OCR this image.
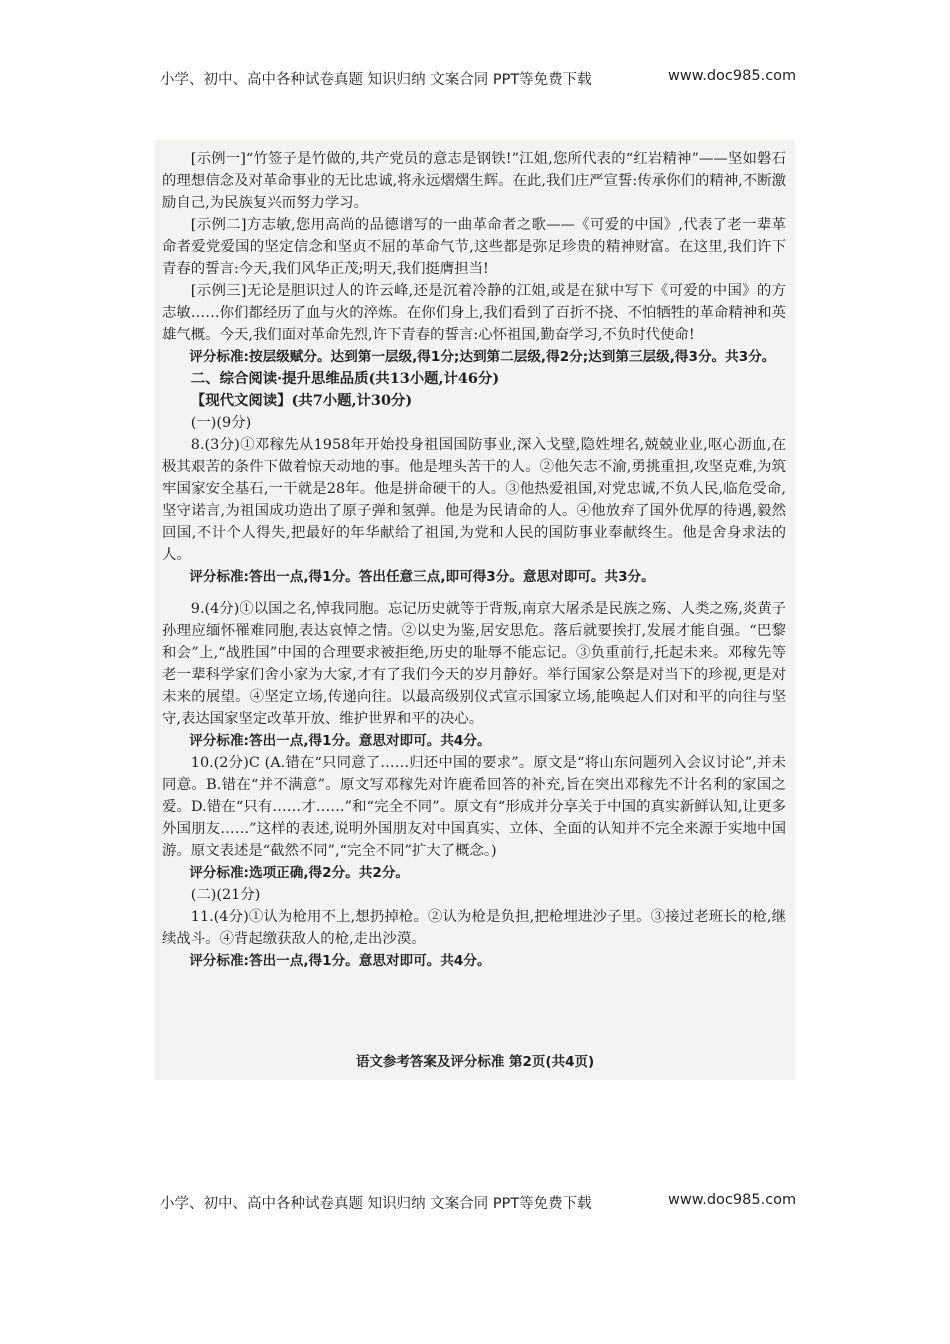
小学、初中、高中各种试卷真题 知识归纳 文案合同 PPT等免费下载	www.doc985.com

[示例一]“竹签子是竹做的,共产党员的意志是钢铁!”江姐,您所代表的“红岩精神”——坚如磐石的理想信念及对革命事业的无比忠诚,将永远熠熠生辉。在此,我们庄严宣誓:传承你们的精神,不断激励自己,为民族复兴而努力学习。

[示例二]方志敏,您用高尚的品德谱写的一曲革命者之歌——《可爱的中国》,代表了老一辈革命者爱党爱国的坚定信念和坚贞不屈的革命气节,这些都是弥足珍贵的精神财富。在这里,我们许下青春的誓言:今天,我们风华正茂;明天,我们挺膺担当!

[示例三]无论是胆识过人的许云峰,还是沉着冷静的江姐,或是在狱中写下《可爱的中国》的方志敏……你们都经历了血与火的淬炼。在你们身上,我们看到了百折不挠、不怕牺牲的革命精神和英雄气概。今天,我们面对革命先烈,许下青春的誓言:心怀祖国,勤奋学习,不负时代使命!

评分标准:按层级赋分。达到第一层级,得1分;达到第二层级,得2分;达到第三层级,得3分。共3分。

二、综合阅读·提升思维品质(共13小题,计46分)

【现代文阅读】(共7小题,计30分)

(一)(9分)

8.(3分)①邓稼先从1958年开始投身祖国国防事业,深入戈壁,隐姓埋名,兢兢业业,呕心沥血,在极其艰苦的条件下做着惊天动地的事。他是埋头苦干的人。②他矢志不渝,勇挑重担,攻坚克难,为筑牢国家安全基石,一干就是28年。他是拼命硬干的人。③他热爱祖国,对党忠诚,不负人民,临危受命,坚守诺言,为祖国成功造出了原子弹和氢弹。他是为民请命的人。④他放弃了国外优厚的待遇,毅然回国,不计个人得失,把最好的年华献给了祖国,为党和人民的国防事业奉献终生。他是舍身求法的人。

评分标准:答出一点,得1分。答出任意三点,即可得3分。意思对即可。共3分。

9.(4分)①以国之名,悼我同胞。忘记历史就等于背叛,南京大屠杀是民族之殇、人类之殇,炎黄子孙理应缅怀罹难同胞,表达哀悼之情。②以史为鉴,居安思危。落后就要挨打,发展才能自强。“巴黎和会”上,“战胜国”中国的合理要求被拒绝,历史的耻辱不能忘记。③负重前行,托起未来。邓稼先等老一辈科学家们舍小家为大家,才有了我们今天的岁月静好。举行国家公祭是对当下的珍视,更是对未来的展望。④坚定立场,传递向往。以最高级别仪式宣示国家立场,能唤起人们对和平的向往与坚守,表达国家坚定改革开放、维护世界和平的决心。

评分标准:答出一点,得1分。意思对即可。共4分。

10.(2分)C (A.错在“只同意了……归还中国的要求”。原文是“将山东问题列入会议讨论”,并未同意。B.错在“并不满意”。原文写邓稼先对许鹿希回答的补充,旨在突出邓稼先不计名利的家国之爱。D.错在“只有……才……”和“完全不同”。原文有“形成并分享关于中国的真实新鲜认知,让更多外国朋友……”这样的表述,说明外国朋友对中国真实、立体、全面的认知并不完全来源于实地中国游。原文表述是“截然不同”,“完全不同”扩大了概念。)

评分标准:选项正确,得2分。共2分。

(二)(21分)

11.(4分)①认为枪用不上,想扔掉枪。②认为枪是负担,把枪埋进沙子里。③接过老班长的枪,继续战斗。④背起缴获敌人的枪,走出沙漠。

评分标准:答出一点,得1分。意思对即可。共4分。

语文参考答案及评分标准 第2页(共4页)
小学、初中、高中各种试卷真题 知识归纳 文案合同 PPT等免费下载	www.doc985.com
